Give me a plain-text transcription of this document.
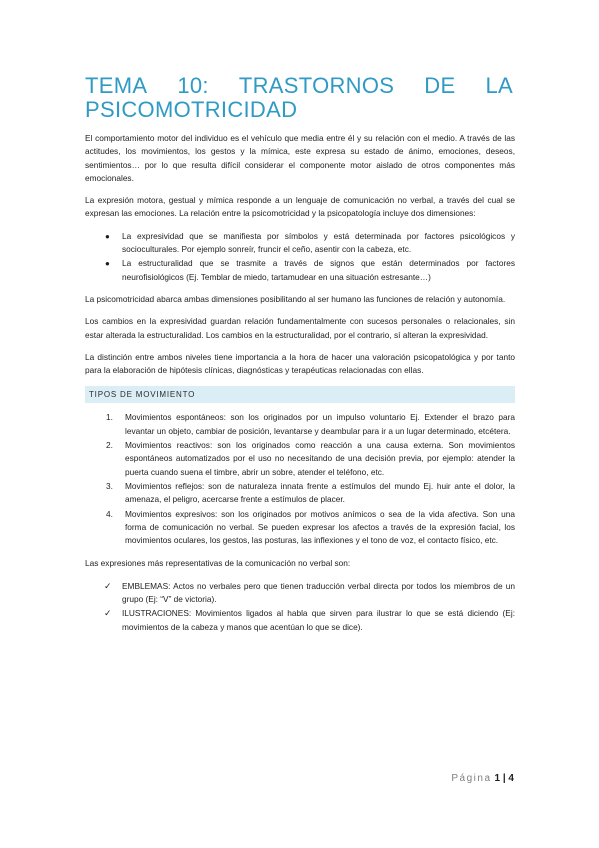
TEMA 10: TRASTORNOS DE LA
PSICOMOTRICIDAD

El comportamiento motor del individuo es el vehículo que media entre él y su relación con el medio. A través de las actitudes, los movimientos, los gestos y la mímica, este expresa su estado de ánimo, emociones, deseos, sentimientos… por lo que resulta difícil considerar el componente motor aislado de otros componentes más emocionales.

La expresión motora, gestual y mímica responde a un lenguaje de comunicación no verbal, a través del cual se expresan las emociones. La relación entre la psicomotricidad y la psicopatología incluye dos dimensiones:

● La expresividad que se manifiesta por símbolos y está determinada por factores psicológicos y socioculturales. Por ejemplo sonreír, fruncir el ceño, asentir con la cabeza, etc.
● La estructuralidad que se trasmite a través de signos que están determinados por factores neurofisiológicos (Ej. Temblar de miedo, tartamudear en una situación estresante…)

La psicomotricidad abarca ambas dimensiones posibilitando al ser humano las funciones de relación y autonomía.

Los cambios en la expresividad guardan relación fundamentalmente con sucesos personales o relacionales, sin estar alterada la estructuralidad. Los cambios en la estructuralidad, por el contrario, sí alteran la expresividad.

La distinción entre ambos niveles tiene importancia a la hora de hacer una valoración psicopatológica y por tanto para la elaboración de hipótesis clínicas, diagnósticas y terapéuticas relacionadas con ellas.

TIPOS DE MOVIMIENTO
1. Movimientos espontáneos: son los originados por un impulso voluntario Ej. Extender el brazo para levantar un objeto, cambiar de posición, levantarse y deambular para ir a un lugar determinado, etcétera.
2. Movimientos reactivos: son los originados como reacción a una causa externa. Son movimientos espontáneos automatizados por el uso no necesitando de una decisión previa, por ejemplo: atender la puerta cuando suena el timbre, abrir un sobre, atender el teléfono, etc.
3. Movimientos reflejos: son de naturaleza innata frente a estímulos del mundo Ej. huir ante el dolor, la amenaza, el peligro, acercarse frente a estímulos de placer.
4. Movimientos expresivos: son los originados por motivos anímicos o sea de la vida afectiva. Son una forma de comunicación no verbal. Se pueden expresar los afectos a través de la expresión facial, los movimientos oculares, los gestos, las posturas, las inflexiones y el tono de voz, el contacto físico, etc.

Las expresiones más representativas de la comunicación no verbal son:

✓ EMBLEMAS: Actos no verbales pero que tienen traducción verbal directa por todos los miembros de un grupo (Ej: “V” de victoria).
✓ ILUSTRACIONES: Movimientos ligados al habla que sirven para ilustrar lo que se está diciendo (Ej: movimientos de la cabeza y manos que acentúan lo que se dice).
Página 1 | 4
